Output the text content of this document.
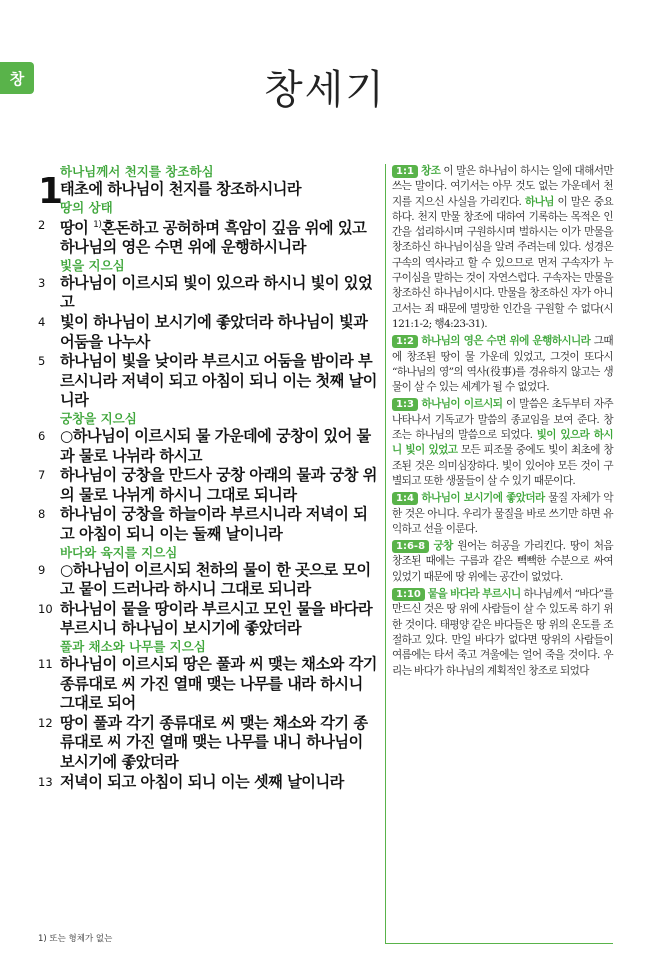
창	창세기
하나님께서 천지를 창조하심
1
태초에 하나님이 천지를 창조하시니라
땅의 상태
2 땅이 $^{1)}$혼돈하고 공허하며 흑암이 깊음 위에 있고 하나님의 영은 수면 위에 운행하시니라
빛을 지으심
3 하나님이 이르시되 빛이 있으라 하시니 빛이 있었고
4 빛이 하나님이 보시기에 좋았더라 하나님이 빛과 어둠을 나누사
5 하나님이 빛을 낮이라 부르시고 어둠을 밤이라 부르시니라 저녁이 되고 아침이 되니 이는 첫째 날이니라
궁창을 지으심
6 ○하나님이 이르시되 물 가운데에 궁창이 있어 물과 물로 나뉘라 하시고
7 하나님이 궁창을 만드사 궁창 아래의 물과 궁창 위의 물로 나뉘게 하시니 그대로 되니라
8 하나님이 궁창을 하늘이라 부르시니라 저녁이 되고 아침이 되니 이는 둘째 날이니라
바다와 육지를 지으심
9 ○하나님이 이르시되 천하의 물이 한 곳으로 모이고 뭍이 드러나라 하시니 그대로 되니라
10 하나님이 뭍을 땅이라 부르시고 모인 물을 바다라 부르시니 하나님이 보시기에 좋았더라
풀과 채소와 나무를 지으심
11 하나님이 이르시되 땅은 풀과 씨 맺는 채소와 각기 종류대로 씨 가진 열매 맺는 나무를 내라 하시니 그대로 되어
12 땅이 풀과 각기 종류대로 씨 맺는 채소와 각기 종류대로 씨 가진 열매 맺는 나무를 내니 하나님이 보시기에 좋았더라
13 저녁이 되고 아침이 되니 이는 셋째 날이니라
1:1 창조 이 말은 하나님이 하시는 일에 대해서만 쓰는 말이다. 여기서는 아무 것도 없는 가운데서 천지를 지으신 사실을 가리킨다. 하나님 이 말은 중요하다. 천지 만물 창조에 대하여 기록하는 목적은 인간을 섭리하시며 구원하시며 벌하시는 이가 만물을 창조하신 하나님이심을 알려 주려는데 있다. 성경은 구속의 역사라고 할 수 있으므로 먼저 구속자가 누구이심을 말하는 것이 자연스럽다. 구속자는 만물을 창조하신 하나님이시다. 만물을 창조하신 자가 아니고서는 죄 때문에 멸망한 인간을 구원할 수 없다(시121:1-2; 행4:23-31).
1:2 하나님의 영은 수면 위에 운행하시니라 그때에 창조된 땅이 물 가운데 있었고, 그것이 또다시 “하나님의 영”의 역사(役事)를 경유하지 않고는 생물이 살 수 있는 세계가 될 수 없었다.
1:3 하나님이 이르시되 이 말씀은 초두부터 자주 나타나서 기독교가 말씀의 종교임을 보여 준다. 창조는 하나님의 말씀으로 되었다. 빛이 있으라 하시니 빛이 있었고 모든 피조물 중에도 빛이 최초에 창조된 것은 의미심장하다. 빛이 있어야 모든 것이 구별되고 또한 생물들이 살 수 있기 때문이다.
1:4 하나님이 보시기에 좋았더라 물질 자체가 악한 것은 아니다. 우리가 물질을 바로 쓰기만 하면 유익하고 선을 이룬다.
1:6-8 궁창 원어는 허공을 가리킨다. 땅이 처음 창조된 때에는 구름과 같은 빽빽한 수분으로 싸여 있었기 때문에 땅 위에는 공간이 없었다.
1:10 뭍을 바다라 부르시니 하나님께서 “바다”를 만드신 것은 땅 위에 사람들이 살 수 있도록 하기 위한 것이다. 태평양 같은 바다들은 땅 위의 온도를 조절하고 있다. 만일 바다가 없다면 땅위의 사람들이 여름에는 타서 죽고 겨울에는 얼어 죽을 것이다. 우리는 바다가 하나님의 계획적인 창조로 되었다
1) 또는 형체가 없는
